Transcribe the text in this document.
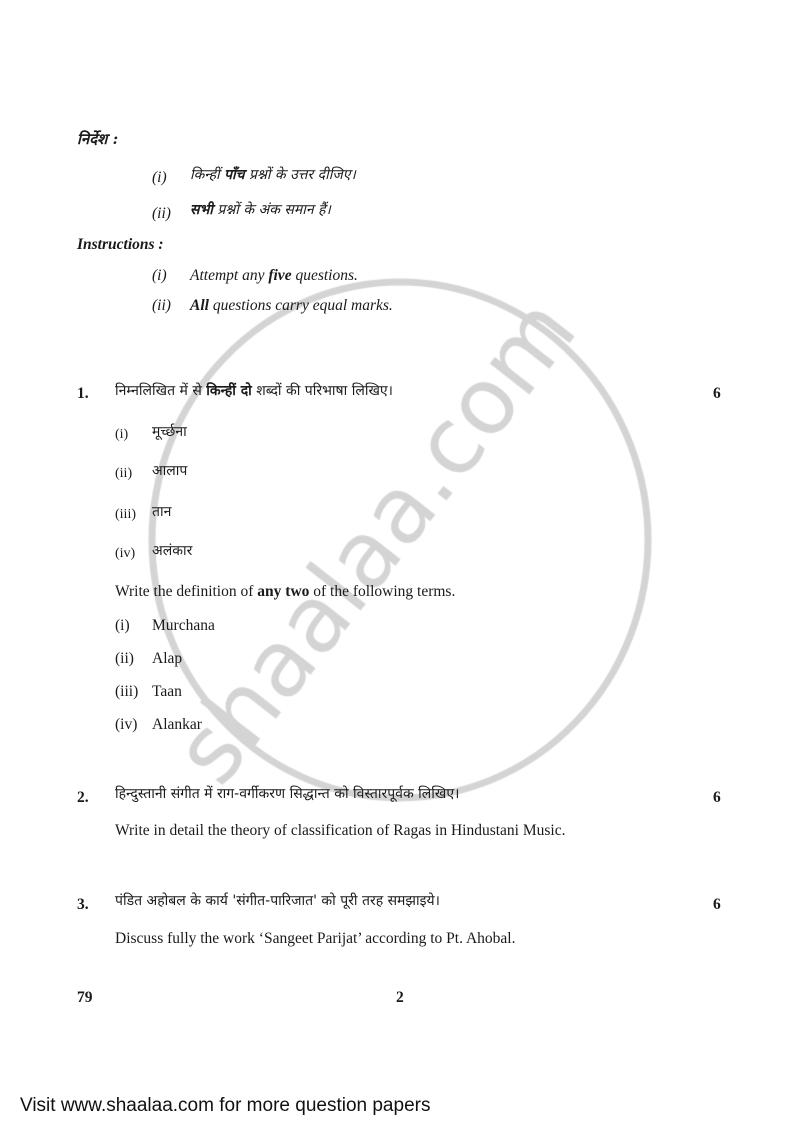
निर्देश :
(i) किन्हीं पाँच प्रश्नों के उत्तर दीजिए।
(ii) सभी प्रश्नों के अंक समान हैं।
Instructions :
(i) Attempt any five questions.
(ii) All questions carry equal marks.
1. निम्नलिखित में से किन्हीं दो शब्दों की परिभाषा लिखिए।	6
(i) मूर्च्छना
(ii) आलाप
(iii) तान
(iv) अलंकार
Write the definition of any two of the following terms.
(i) Murchana
(ii) Alap
(iii) Taan
(iv) Alankar
2. हिन्दुस्तानी संगीत में राग-वर्गीकरण सिद्धान्त को विस्तारपूर्वक लिखिए।	6
Write in detail the theory of classification of Ragas in Hindustani Music.
3. पंडित अहोबल के कार्य 'संगीत-पारिजात' को पूरी तरह समझाइये।	6
Discuss fully the work ‘Sangeet Parijat’ according to Pt. Ahobal.
79	2
Visit www.shaalaa.com for more question papers
